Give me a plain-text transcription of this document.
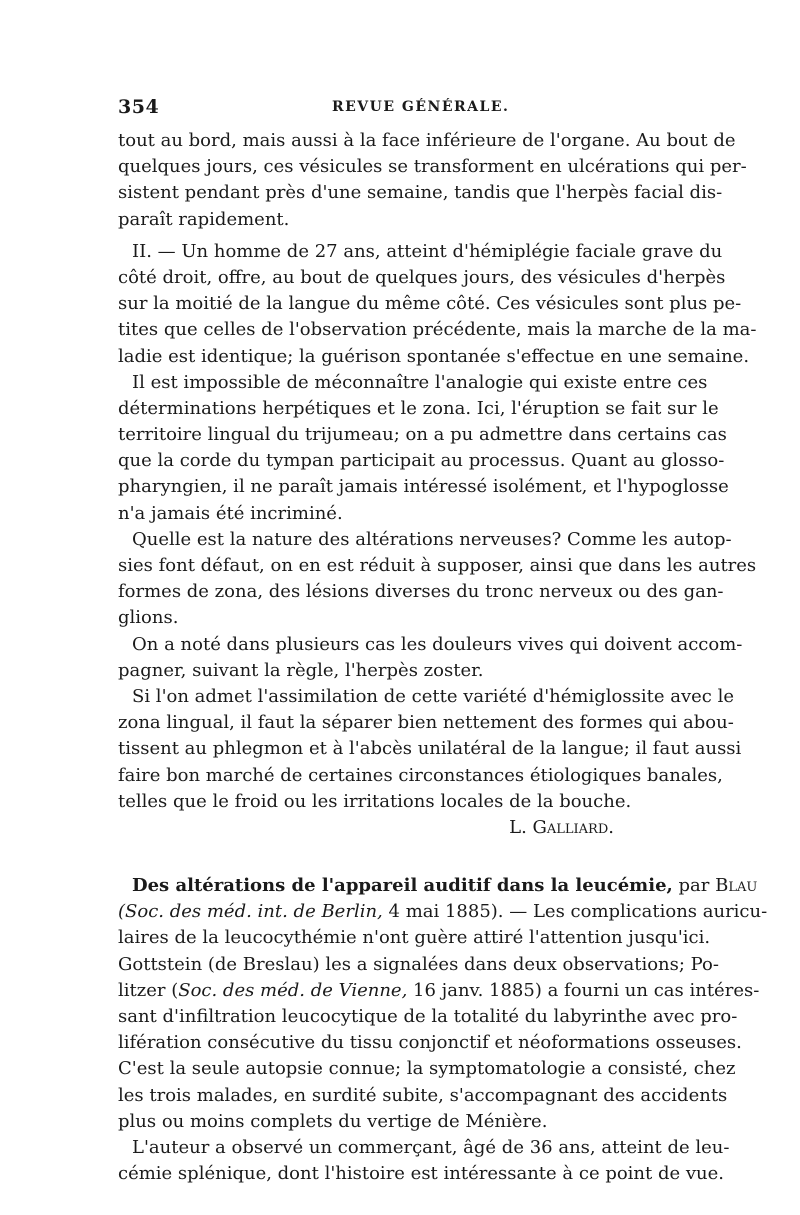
354	REVUE GÉNÉRALE.
tout au bord, mais aussi à la face inférieure de l'organe. Au bout de
quelques jours, ces vésicules se transforment en ulcérations qui per-
sistent pendant près d'une semaine, tandis que l'herpès facial dis-
paraît rapidement.
II. — Un homme de 27 ans, atteint d'hémiplégie faciale grave du
côté droit, offre, au bout de quelques jours, des vésicules d'herpès
sur la moitié de la langue du même côté. Ces vésicules sont plus pe-
tites que celles de l'observation précédente, mais la marche de la ma-
ladie est identique; la guérison spontanée s'effectue en une semaine.
Il est impossible de méconnaître l'analogie qui existe entre ces
déterminations herpétiques et le zona. Ici, l'éruption se fait sur le
territoire lingual du trijumeau; on a pu admettre dans certains cas
que la corde du tympan participait au processus. Quant au glosso-
pharyngien, il ne paraît jamais intéressé isolément, et l'hypoglosse
n'a jamais été incriminé.
Quelle est la nature des altérations nerveuses? Comme les autop-
sies font défaut, on en est réduit à supposer, ainsi que dans les autres
formes de zona, des lésions diverses du tronc nerveux ou des gan-
glions.
On a noté dans plusieurs cas les douleurs vives qui doivent accom-
pagner, suivant la règle, l'herpès zoster.
Si l'on admet l'assimilation de cette variété d'hémiglossite avec le
zona lingual, il faut la séparer bien nettement des formes qui abou-
tissent au phlegmon et à l'abcès unilatéral de la langue; il faut aussi
faire bon marché de certaines circonstances étiologiques banales,
telles que le froid ou les irritations locales de la bouche.
L. Galliard.
Des altérations de l'appareil auditif dans la leucémie, par Blau
(Soc. des méd. int. de Berlin, 4 mai 1885). — Les complications auricu-
laires de la leucocythémie n'ont guère attiré l'attention jusqu'ici.
Gottstein (de Breslau) les a signalées dans deux observations; Po-
litzer (Soc. des méd. de Vienne, 16 janv. 1885) a fourni un cas intéres-
sant d'infiltration leucocytique de la totalité du labyrinthe avec pro-
lifération consécutive du tissu conjonctif et néoformations osseuses.
C'est la seule autopsie connue; la symptomatologie a consisté, chez
les trois malades, en surdité subite, s'accompagnant des accidents
plus ou moins complets du vertige de Ménière.
L'auteur a observé un commerçant, âgé de 36 ans, atteint de leu-
cémie splénique, dont l'histoire est intéressante à ce point de vue.
